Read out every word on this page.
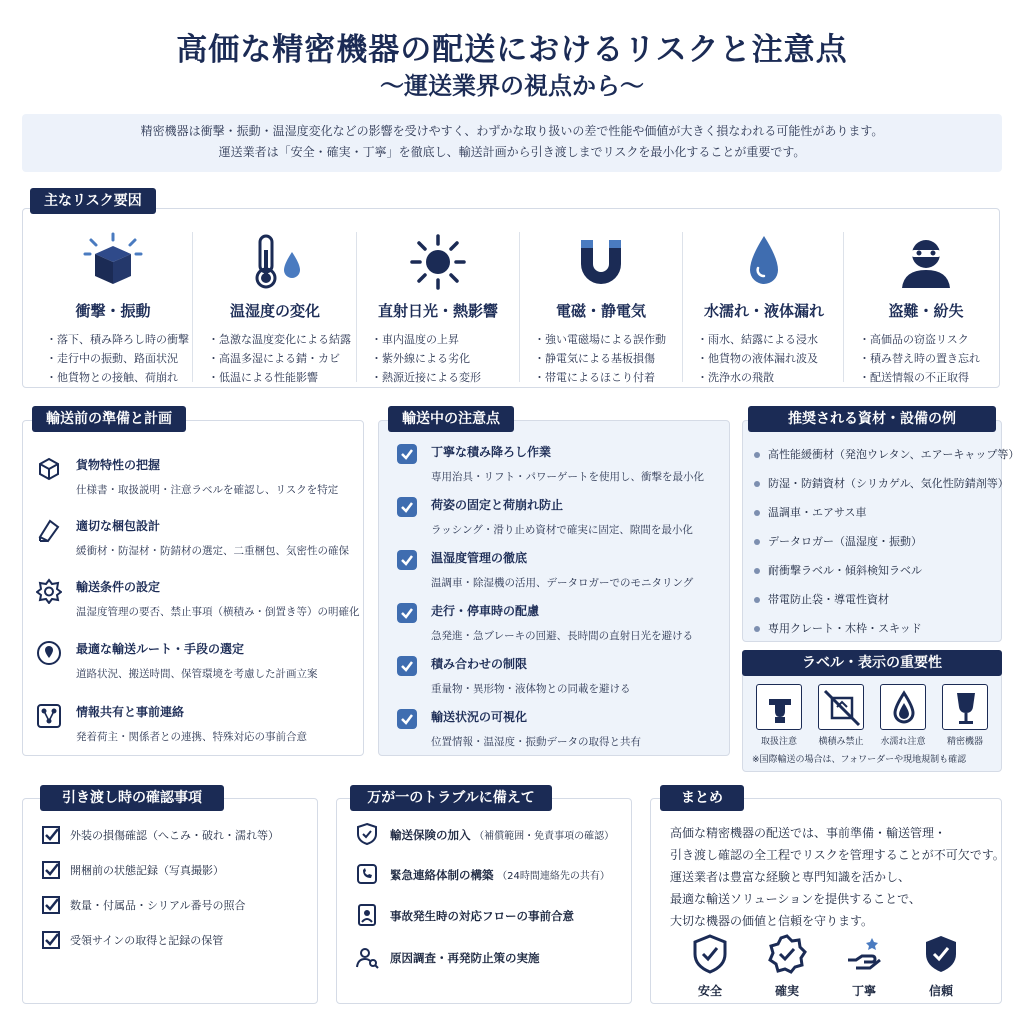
高価な精密機器の配送におけるリスクと注意点
〜運送業界の視点から〜
精密機器は衝撃・振動・温湿度変化などの影響を受けやすく、わずかな取り扱いの差で性能や価値が大きく損なわれる可能性があります。
運送業者は「安全・確実・丁寧」を徹底し、輸送計画から引き渡しまでリスクを最小化することが重要です。
主なリスク要因
衝撃・振動
・ 落下、積み降ろし時の衝撃
・ 走行中の振動、路面状況
・ 他貨物との接触、荷崩れ
温湿度の変化
・ 急激な温度変化による結露
・ 高温多湿による錆・カビ
・ 低温による性能影響
直射日光・熱影響
・ 車内温度の上昇
・ 紫外線による劣化
・ 熱源近接による変形
電磁・静電気
・ 強い電磁場による誤作動
・ 静電気による基板損傷
・ 帯電によるほこり付着
水濡れ・液体漏れ
・ 雨水、結露による浸水
・ 他貨物の液体漏れ波及
・ 洗浄水の飛散
盗難・紛失
・ 高価品の窃盗リスク
・ 積み替え時の置き忘れ
・ 配送情報の不正取得
輸送前の準備と計画
貨物特性の把握
仕様書・取扱説明・注意ラベルを確認し、リスクを特定
適切な梱包設計
緩衝材・防湿材・防錆材の選定、二重梱包、気密性の確保
輸送条件の設定
温湿度管理の要否、禁止事項（横積み・倒置き等）の明確化
最適な輸送ルート・手段の選定
道路状況、搬送時間、保管環境を考慮した計画立案
情報共有と事前連絡
発着荷主・関係者との連携、特殊対応の事前合意
輸送中の注意点
丁寧な積み降ろし作業
専用治具・リフト・パワーゲートを使用し、衝撃を最小化
荷姿の固定と荷崩れ防止
ラッシング・滑り止め資材で確実に固定、隙間を最小化
温湿度管理の徹底
温調車・除湿機の活用、データロガーでのモニタリング
走行・停車時の配慮
急発進・急ブレーキの回避、長時間の直射日光を避ける
積み合わせの制限
重量物・異形物・液体物との同載を避ける
輸送状況の可視化
位置情報・温湿度・振動データの取得と共有
推奨される資材・設備の例
高性能緩衝材（発泡ウレタン、エアーキャップ等）
防湿・防錆資材（シリカゲル、気化性防錆剤等）
温調車・エアサス車
データロガー（温湿度・振動）
耐衝撃ラベル・傾斜検知ラベル
帯電防止袋・導電性資材
専用クレート・木枠・スキッド
ラベル・表示の重要性
取扱注意	横積み禁止	水濡れ注意	精密機器
※国際輸送の場合は、フォワーダーや現地規制も確認
引き渡し時の確認事項
外装の損傷確認（へこみ・破れ・濡れ等）
開梱前の状態記録（写真撮影）
数量・付属品・シリアル番号の照合
受領サインの取得と記録の保管
万が一のトラブルに備えて
輸送保険の加入 （補償範囲・免責事項の確認）
緊急連絡体制の構築 （24時間連絡先の共有）
事故発生時の対応フローの事前合意
原因調査・再発防止策の実施
まとめ
高価な精密機器の配送では、事前準備・輸送管理・
引き渡し確認の全工程でリスクを管理することが不可欠です。
運送業者は豊富な経験と専門知識を活かし、
最適な輸送ソリューションを提供することで、
大切な機器の価値と信頼を守ります。
安全	確実	丁寧	信頼
